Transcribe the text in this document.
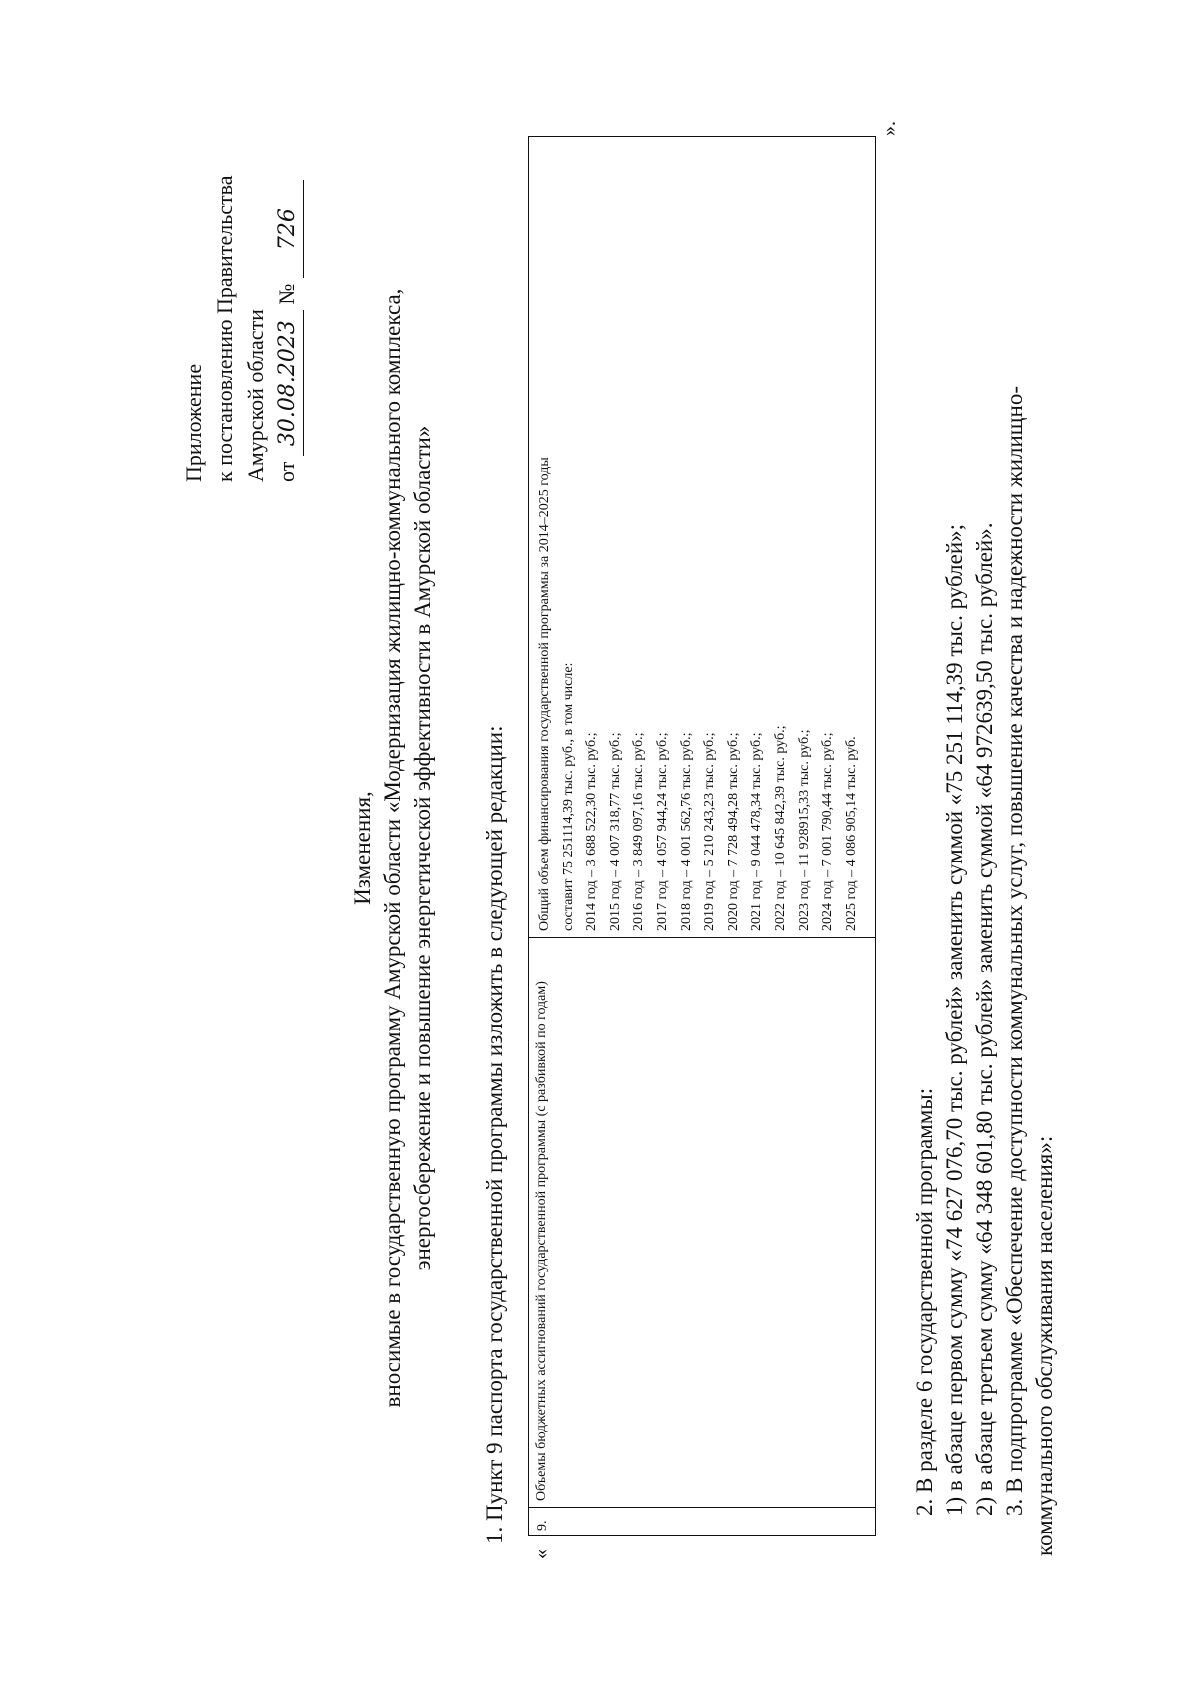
Приложение к постановлению Правительства Амурской области от 30.08.2023 № 726
Изменения, вносимые в государственную программу Амурской области «Модернизация жилищно-коммунального комплекса, энергосбережение и повышение энергетической эффективности в Амурской области» 1. Пункт 9 паспорта государственной программы изложить в следующей редакции:
«
9.
Объемы бюджетных ассигнований государственной программы (с разбивкой по годам)
Общий объем финансирования государственной программы за 2014–2025 годы составит 75 251114,39 тыс. руб., в том числе: 2014 год – 3 688 522,30 тыс. руб.; 2015 год – 4 007 318,77 тыс. руб.; 2016 год – 3 849 097,16 тыс. руб.; 2017 год – 4 057 944,24 тыс. руб.; 2018 год – 4 001 562,76 тыс. руб.; 2019 год – 5 210 243,23 тыс. руб.; 2020 год – 7 728 494,28 тыс. руб.; 2021 год – 9 044 478,34 тыс. руб.; 2022 год – 10 645 842,39 тыс. руб.; 2023 год – 11 928915,33 тыс. руб.; 2024 год – 7 001 790,44 тыс. руб.; 2025 год – 4 086 905,14 тыс. руб.
».
2. В разделе 6 государственной программы: 1) в абзаце первом сумму «74 627 076,70 тыс. рублей» заменить суммой «75 251 114,39 тыс. рублей»; 2) в абзаце третьем сумму «64 348 601,80 тыс. рублей» заменить суммой «64 972639,50 тыс. рублей». 3. В подпрограмме «Обеспечение доступности коммунальных услуг, повышение качества и надежности жилищно- коммунального обслуживания населения»:
